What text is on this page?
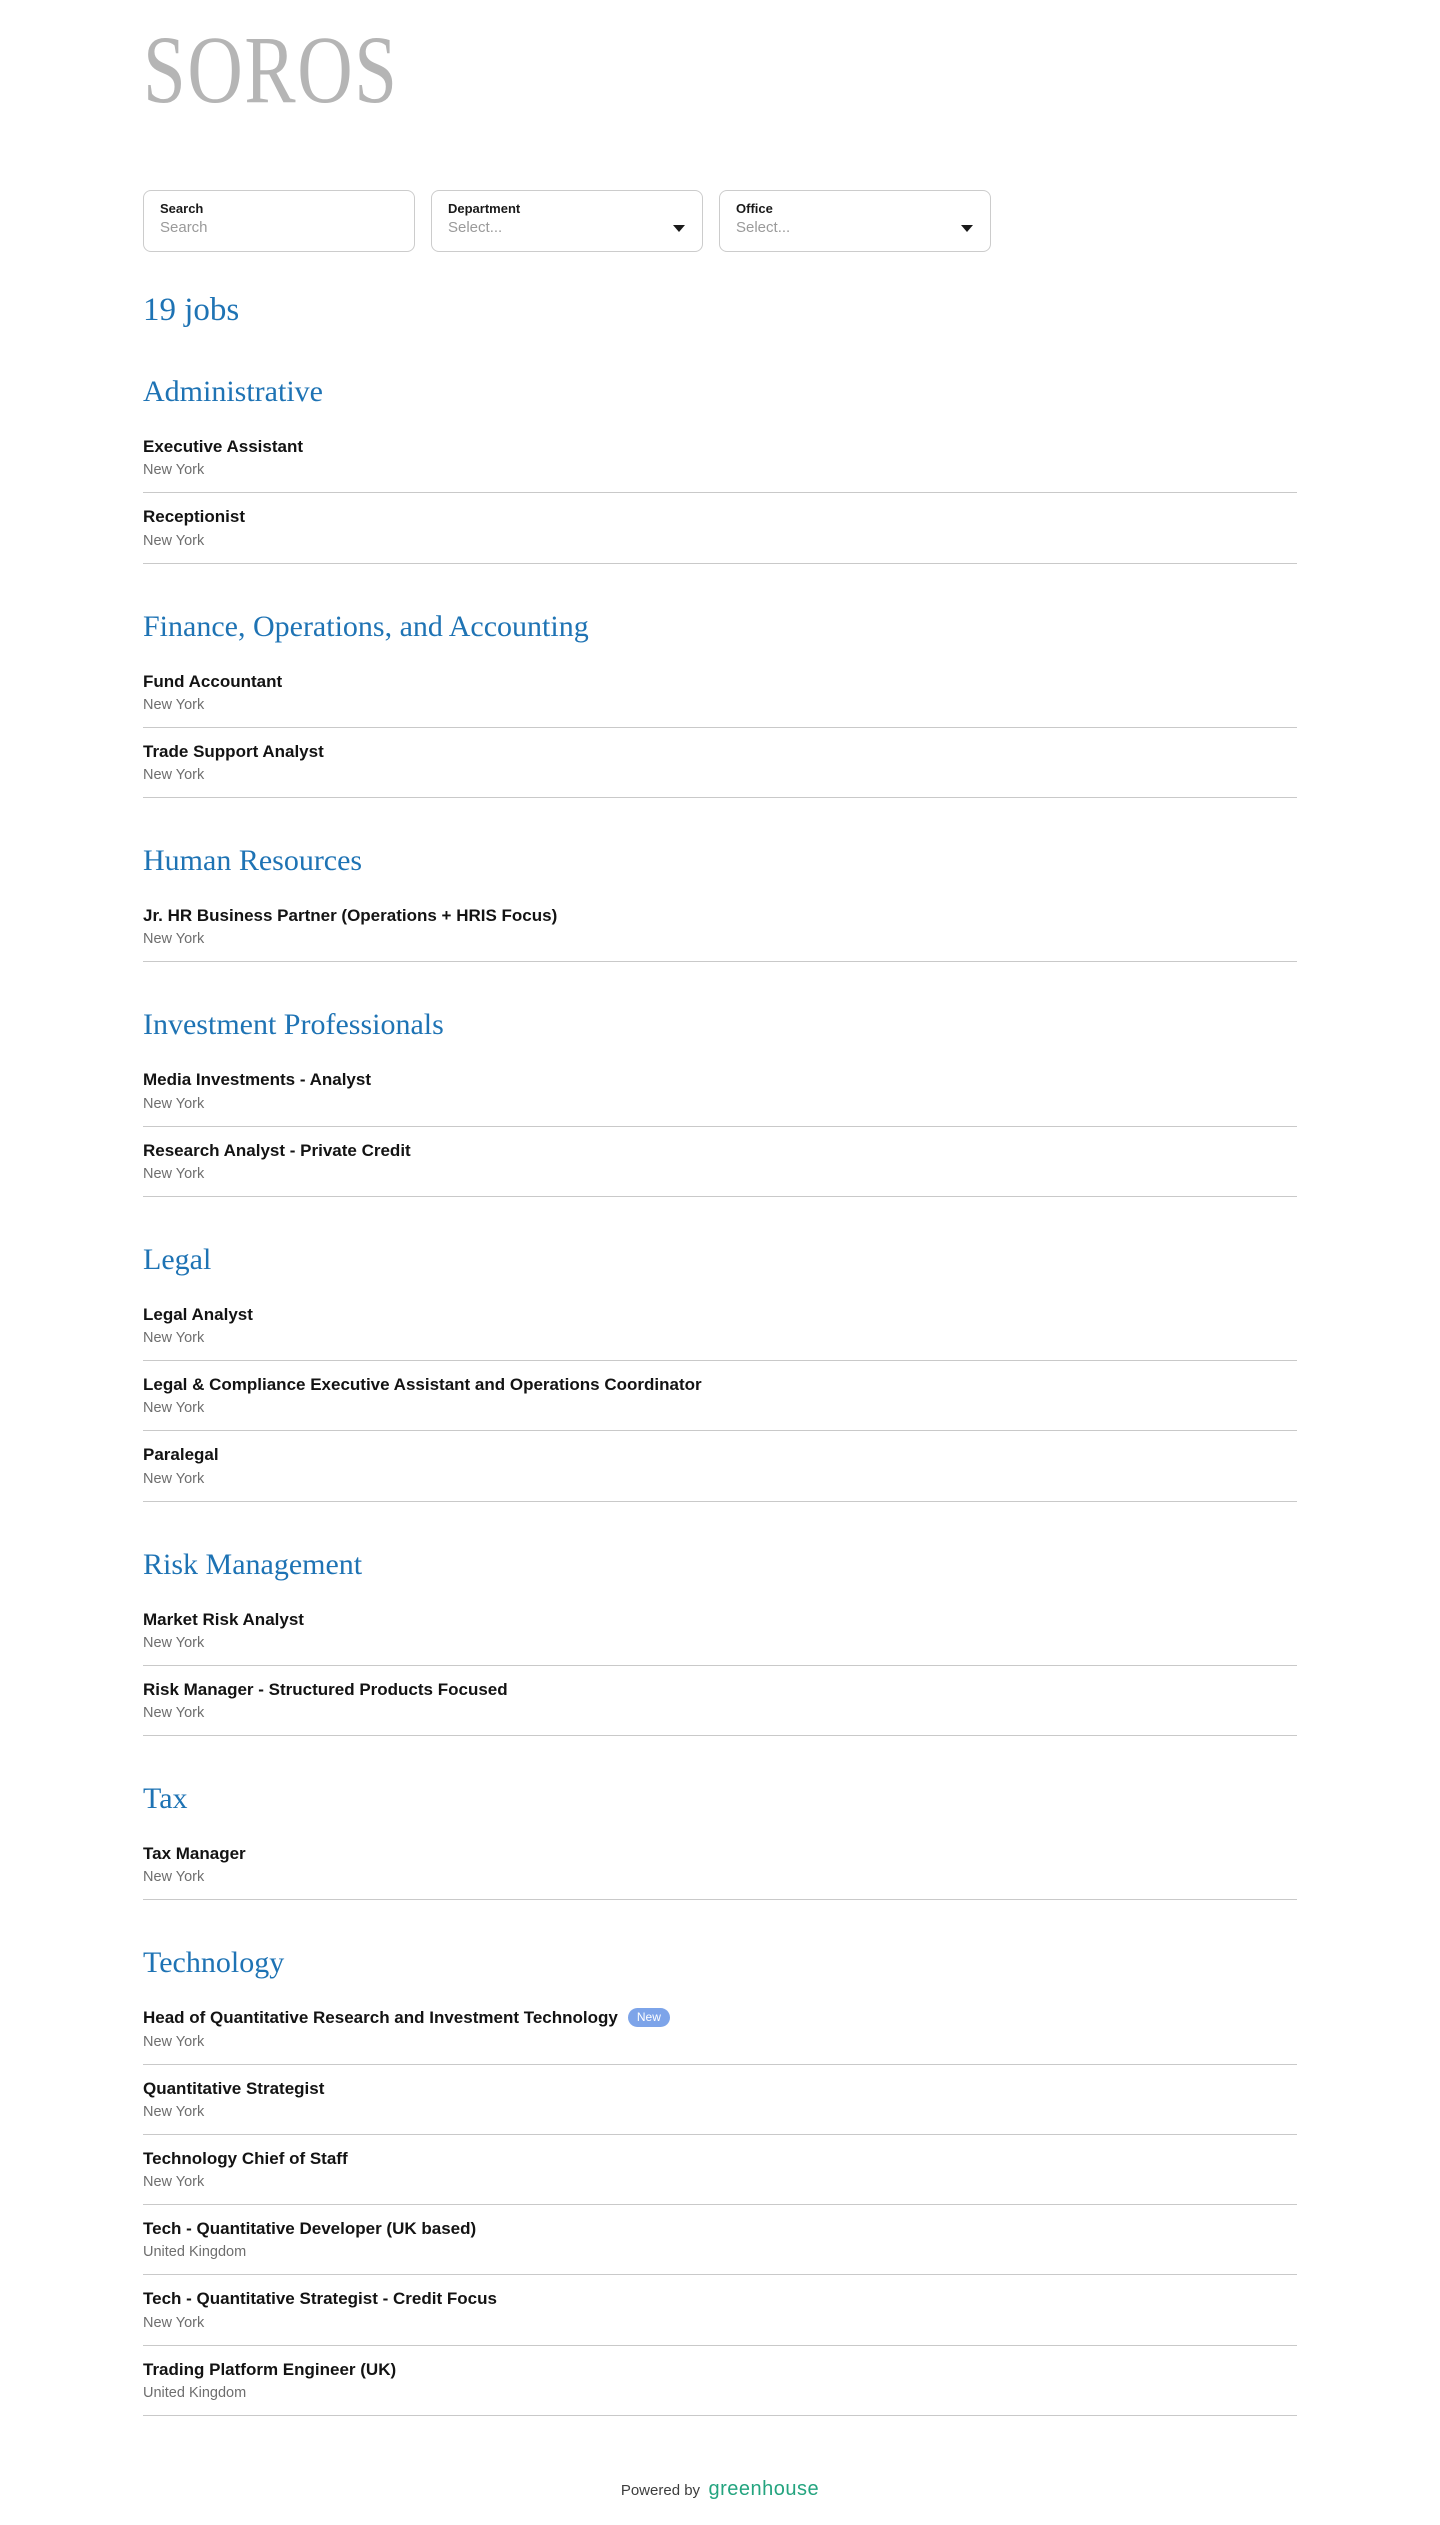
SOROS
Search
Search	Department
Select...
Office
Select...
19 jobs
Administrative
Executive Assistant
New York
Receptionist
New York
Finance, Operations, and Accounting
Fund Accountant
New York
Trade Support Analyst
New York
Human Resources
Jr. HR Business Partner (Operations + HRIS Focus)
New York
Investment Professionals
Media Investments - Analyst
New York
Research Analyst - Private Credit
New York
Legal
Legal Analyst
New York
Legal & Compliance Executive Assistant and Operations Coordinator
New York
Paralegal
New York
Risk Management
Market Risk Analyst
New York
Risk Manager - Structured Products Focused
New York
Tax
Tax Manager
New York
Technology
Head of Quantitative Research and Investment Technology New
New York
Quantitative Strategist
New York
Technology Chief of Staff
New York
Tech - Quantitative Developer (UK based)
United Kingdom
Tech - Quantitative Strategist - Credit Focus
New York
Trading Platform Engineer (UK)
United Kingdom
Powered by greenhouse
